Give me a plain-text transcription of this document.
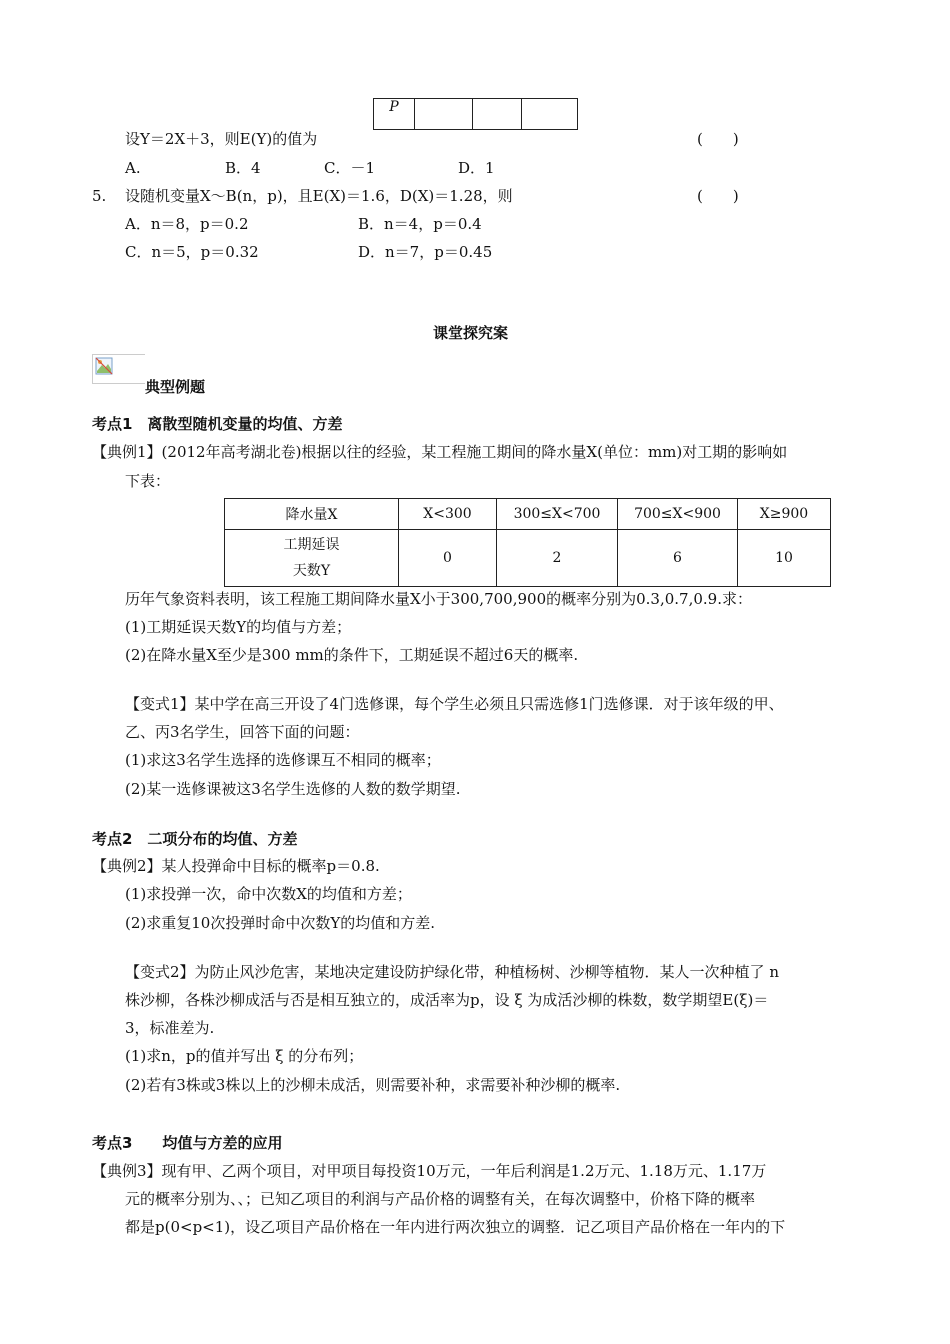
P			
设Y＝2X＋3，则E(Y)的值为	(　　)
A.	B．4	C．－1	D．1
5. 设随机变量X～B(n，p)，且E(X)＝1.6，D(X)＝1.28，则	(　　)
A．n＝8，p＝0.2	B．n＝4，p＝0.4
C．n＝5，p＝0.32	D．n＝7，p＝0.45
课堂探究案
典型例题
考点1　离散型随机变量的均值、方差
【典例1】(2012年高考湖北卷)根据以往的经验，某工程施工期间的降水量X(单位：mm)对工期的影响如
下表：
降水量X	X<300	300≤X<700	700≤X<900	X≥900

工期延误
天数Y	0	2	6	10
历年气象资料表明，该工程施工期间降水量X小于300,700,900的概率分别为0.3,0.7,0.9.求：
(1)工期延误天数Y的均值与方差；
(2)在降水量X至少是300 mm的条件下，工期延误不超过6天的概率.
【变式1】某中学在高三开设了4门选修课，每个学生必须且只需选修1门选修课．对于该年级的甲、
乙、丙3名学生，回答下面的问题：
(1)求这3名学生选择的选修课互不相同的概率；
(2)某一选修课被这3名学生选修的人数的数学期望.
考点2　二项分布的均值、方差
【典例2】某人投弹命中目标的概率p＝0.8.
(1)求投弹一次，命中次数X的均值和方差；
(2)求重复10次投弹时命中次数Y的均值和方差.
【变式2】为防止风沙危害，某地决定建设防护绿化带，种植杨树、沙柳等植物．某人一次种植了 n
株沙柳，各株沙柳成活与否是相互独立的，成活率为p，设 ξ 为成活沙柳的株数，数学期望E(ξ)＝
3，标准差为.
(1)求n，p的值并写出 ξ 的分布列；
(2)若有3株或3株以上的沙柳未成活，则需要补种，求需要补种沙柳的概率.
考点3　　均值与方差的应用
【典例3】现有甲、乙两个项目，对甲项目每投资10万元，一年后利润是1.2万元、1.18万元、1.17万
元的概率分别为、、；已知乙项目的利润与产品价格的调整有关，在每次调整中，价格下降的概率
都是p(0<p<1)，设乙项目产品价格在一年内进行两次独立的调整．记乙项目产品价格在一年内的下
